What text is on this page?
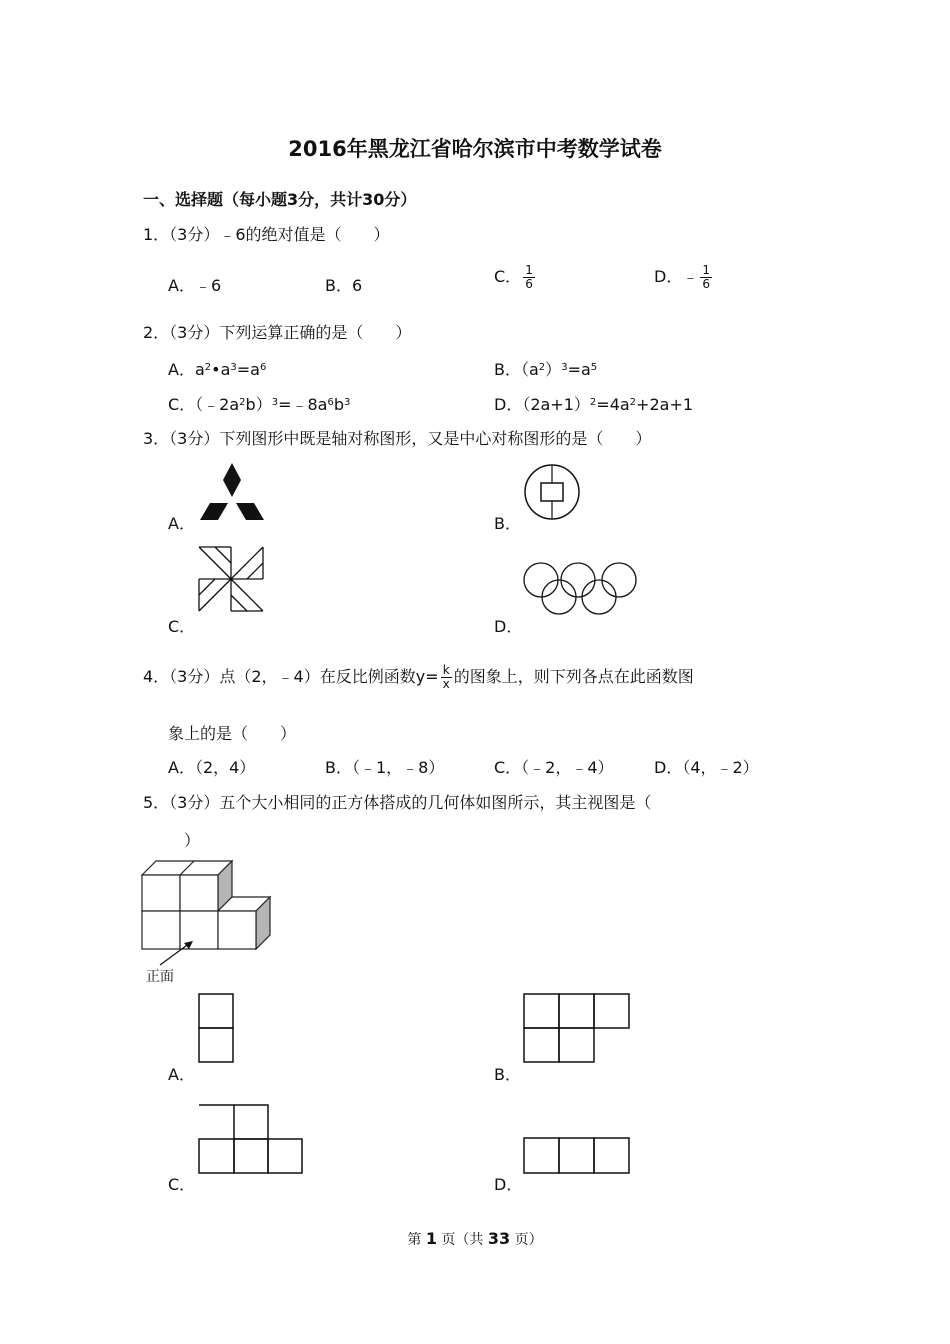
2016年黑龙江省哈尔滨市中考数学试卷
一、选择题（每小题3分，共计30分）
1．（3分）﹣6的绝对值是（　　）
A．﹣6	B．6	C． $\frac{1}{6}$	D．﹣ $\frac{1}{6}$
2．（3分）下列运算正确的是（　　）
A．$a^2•a^3=a^6$	B．$(a^2)^3=a^5$
C．$(﹣2a^2b)^3=﹣8a^6b^3$	D．$(2a+1)^2=4a^2+2a+1$
3．（3分）下列图形中既是轴对称图形，又是中心对称图形的是（　　）
A．	B．
C．	D．
4．（3分）点（2，﹣4）在反比例函数$y= \frac{k}{x}$ 的图象上，则下列各点在此函数图
象上的是（　　）
A．（2，4）	B．（﹣1，﹣8）	C．（﹣2，﹣4）	D．（4，﹣2）
5．（3分）五个大小相同的正方体搭成的几何体如图所示，其主视图是（
）
正面
A．	B．
C．	D．
第 1 页（共 33 页）
